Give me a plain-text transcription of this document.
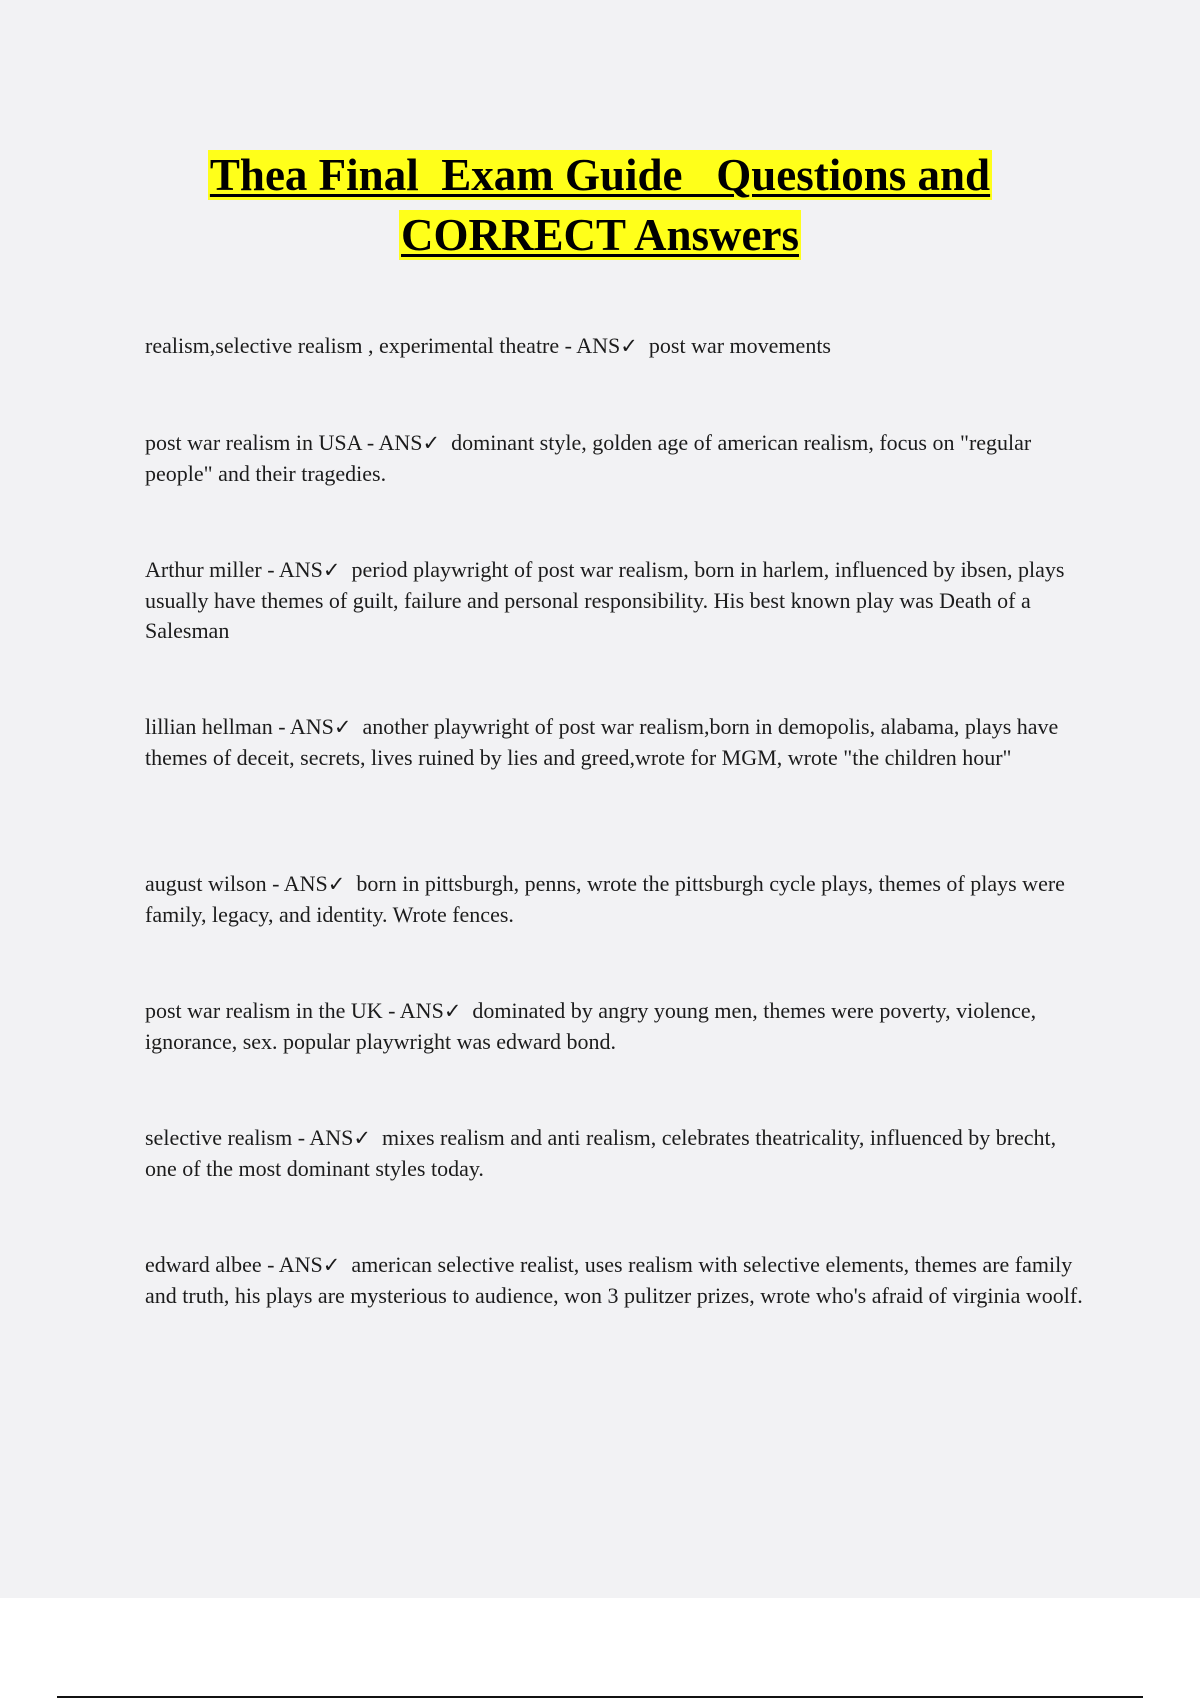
Thea Final  Exam Guide   Questions and
CORRECT Answers
realism,selective realism , experimental theatre - ANS✓ post war movements
post war realism in USA - ANS✓ dominant style, golden age of american realism, focus on "regular people" and their tragedies.
Arthur miller - ANS✓ period playwright of post war realism, born in harlem, influenced by ibsen, plays usually have themes of guilt, failure and personal responsibility. His best known play was Death of a Salesman
lillian hellman - ANS✓ another playwright of post war realism,born in demopolis, alabama, plays have themes of deceit, secrets, lives ruined by lies and greed,wrote for MGM, wrote "the children hour"
august wilson - ANS✓ born in pittsburgh, penns, wrote the pittsburgh cycle plays, themes of plays were family, legacy, and identity. Wrote fences.
post war realism in the UK - ANS✓ dominated by angry young men, themes were poverty, violence, ignorance, sex. popular playwright was edward bond.
selective realism - ANS✓ mixes realism and anti realism, celebrates theatricality, influenced by brecht, one of the most dominant styles today.
edward albee - ANS✓ american selective realist, uses realism with selective elements, themes are family and truth, his plays are mysterious to audience, won 3 pulitzer prizes, wrote who's afraid of virginia woolf.
